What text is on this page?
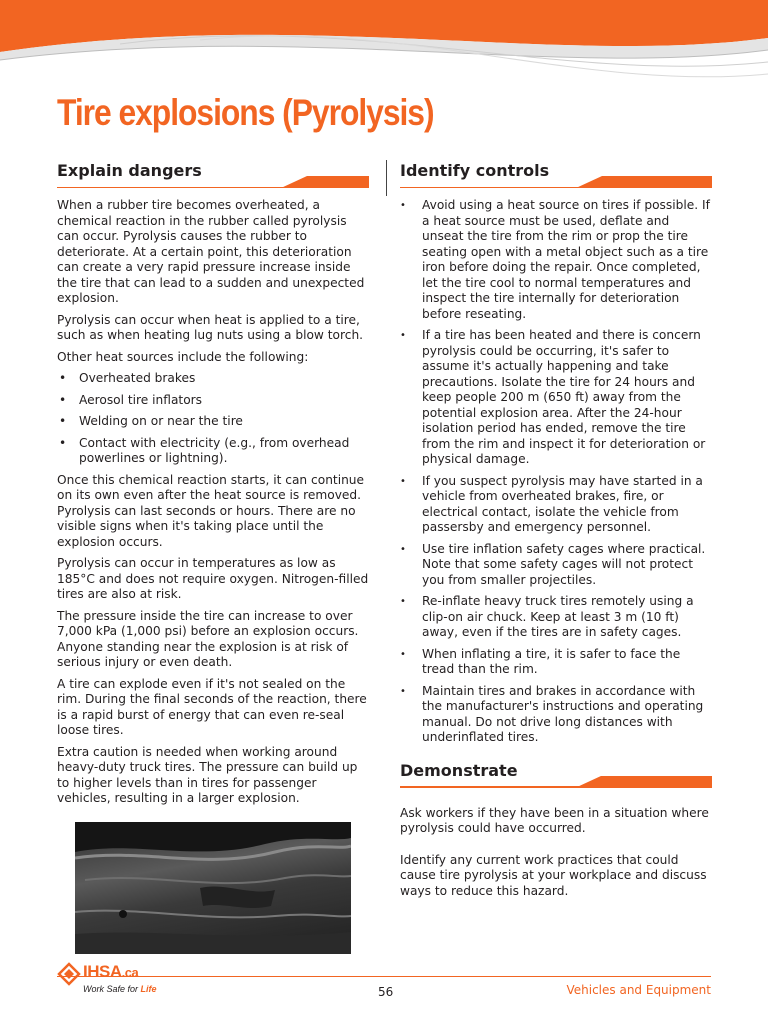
Tire explosions (Pyrolysis)
Explain dangers

When a rubber tire becomes overheated, a chemical reaction in the rubber called pyrolysis can occur. Pyrolysis causes the rubber to deteriorate. At a certain point, this deterioration can create a very rapid pressure increase inside the tire that can lead to a sudden and unexpected explosion.

Pyrolysis can occur when heat is applied to a tire, such as when heating lug nuts using a blow torch.

Other heat sources include the following:

• Overheated brakes
• Aerosol tire inflators
• Welding on or near the tire
• Contact with electricity (e.g., from overhead powerlines or lightning).

Once this chemical reaction starts, it can continue on its own even after the heat source is removed. Pyrolysis can last seconds or hours. There are no visible signs when it's taking place until the explosion occurs.

Pyrolysis can occur in temperatures as low as 185°C and does not require oxygen. Nitrogen-filled tires are also at risk.

The pressure inside the tire can increase to over 7,000 kPa (1,000 psi) before an explosion occurs. Anyone standing near the explosion is at risk of serious injury or even death.

A tire can explode even if it's not sealed on the rim. During the final seconds of the reaction, there is a rapid burst of energy that can even re-seal loose tires.

Extra caution is needed when working around heavy-duty truck tires. The pressure can build up to higher levels than in tires for passenger vehicles, resulting in a larger explosion.

Identify controls
• Avoid using a heat source on tires if possible. If a heat source must be used, deflate and unseat the tire from the rim or prop the tire seating open with a metal object such as a tire iron before doing the repair. Once completed, let the tire cool to normal temperatures and inspect the tire internally for deterioration before reseating.
• If a tire has been heated and there is concern pyrolysis could be occurring, it's safer to assume it's actually happening and take precautions. Isolate the tire for 24 hours and keep people 200 m (650 ft) away from the potential explosion area. After the 24-hour isolation period has ended, remove the tire from the rim and inspect it for deterioration or physical damage.
• If you suspect pyrolysis may have started in a vehicle from overheated brakes, fire, or electrical contact, isolate the vehicle from passersby and emergency personnel.
• Use tire inflation safety cages where practical. Note that some safety cages will not protect you from smaller projectiles.
• Re-inflate heavy truck tires remotely using a clip-on air chuck. Keep at least 3 m (10 ft) away, even if the tires are in safety cages.
• When inflating a tire, it is safer to face the tread than the rim.
• Maintain tires and brakes in accordance with the manufacturer's instructions and operating manual. Do not drive long distances with underinflated tires.
Demonstrate

Ask workers if they have been in a situation where pyrolysis could have occurred.

Identify any current work practices that could cause tire pyrolysis at your workplace and discuss ways to reduce this hazard.

IHSA.ca
Work Safe for Life	56	Vehicles and Equipment
